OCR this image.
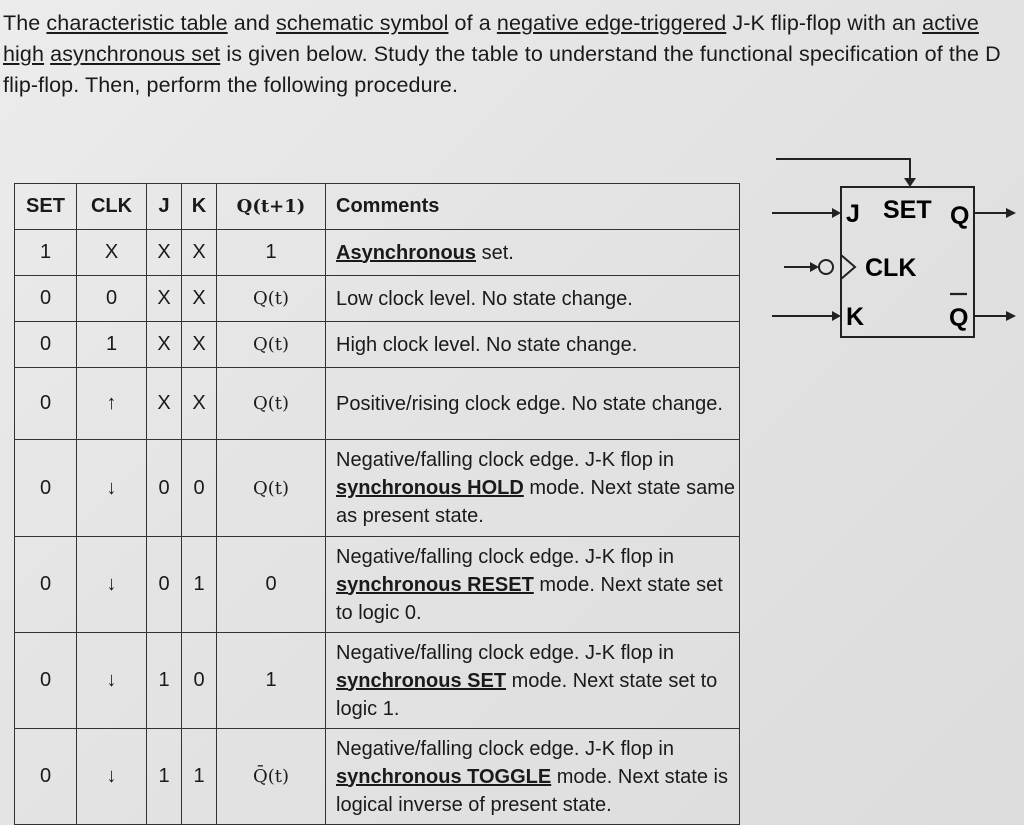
The characteristic table and schematic symbol of a negative edge-triggered J-K flip-flop with an active high asynchronous set is given below. Study the table to understand the functional specification of the D flip-flop. Then, perform the following procedure.

SET	CLK	J	K	Q(t+1)	Comments
1	X	X	X	1	Asynchronous set.
0	0	X	X	Q(t)	Low clock level. No state change.
0	1	X	X	Q(t)	High clock level. No state change.
0	↑	X	X	Q(t)	Positive/rising clock edge. No state change.
0	↓	0	0	Q(t)	Negative/falling clock edge. J-K flop in synchronous HOLD mode. Next state same as present state.
0	↓	0	1	0	Negative/falling clock edge. J-K flop in synchronous RESET mode. Next state set to logic 0.
0	↓	1	0	1	Negative/falling clock edge. J-K flop in synchronous SET mode. Next state set to logic 1.
0	↓	1	1	Q̄(t)	Negative/falling clock edge. J-K flop in synchronous TOGGLE mode. Next state is logical inverse of present state.
J SET Q
CLK
K	Q
